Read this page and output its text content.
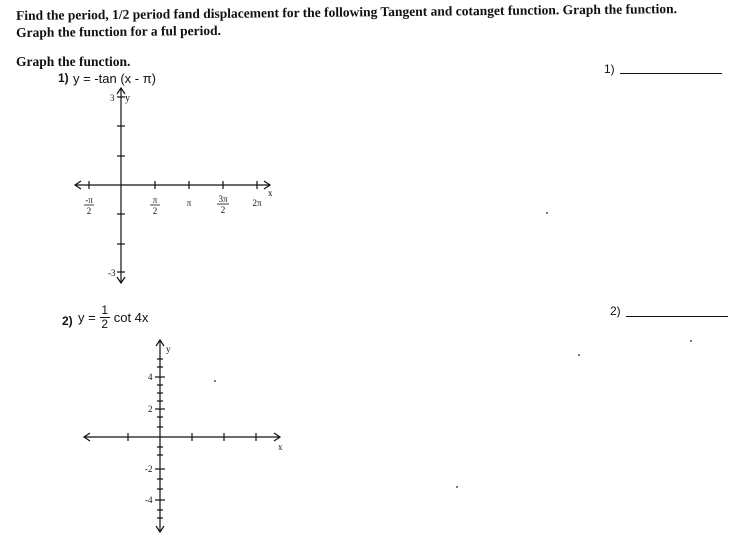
Find the period, 1/2 period fand displacement for the following Tangent and cotanget function. Graph the function.
Graph the function for a ful period.
Graph the function.
1) y = -tan (x - π)
1)
2) $y = \frac{1}{2}$ cot 4x	2)
3 y
-3
x
-π
2
π
2
π	3π
2
2π
y
x
4
2
-2
-4
